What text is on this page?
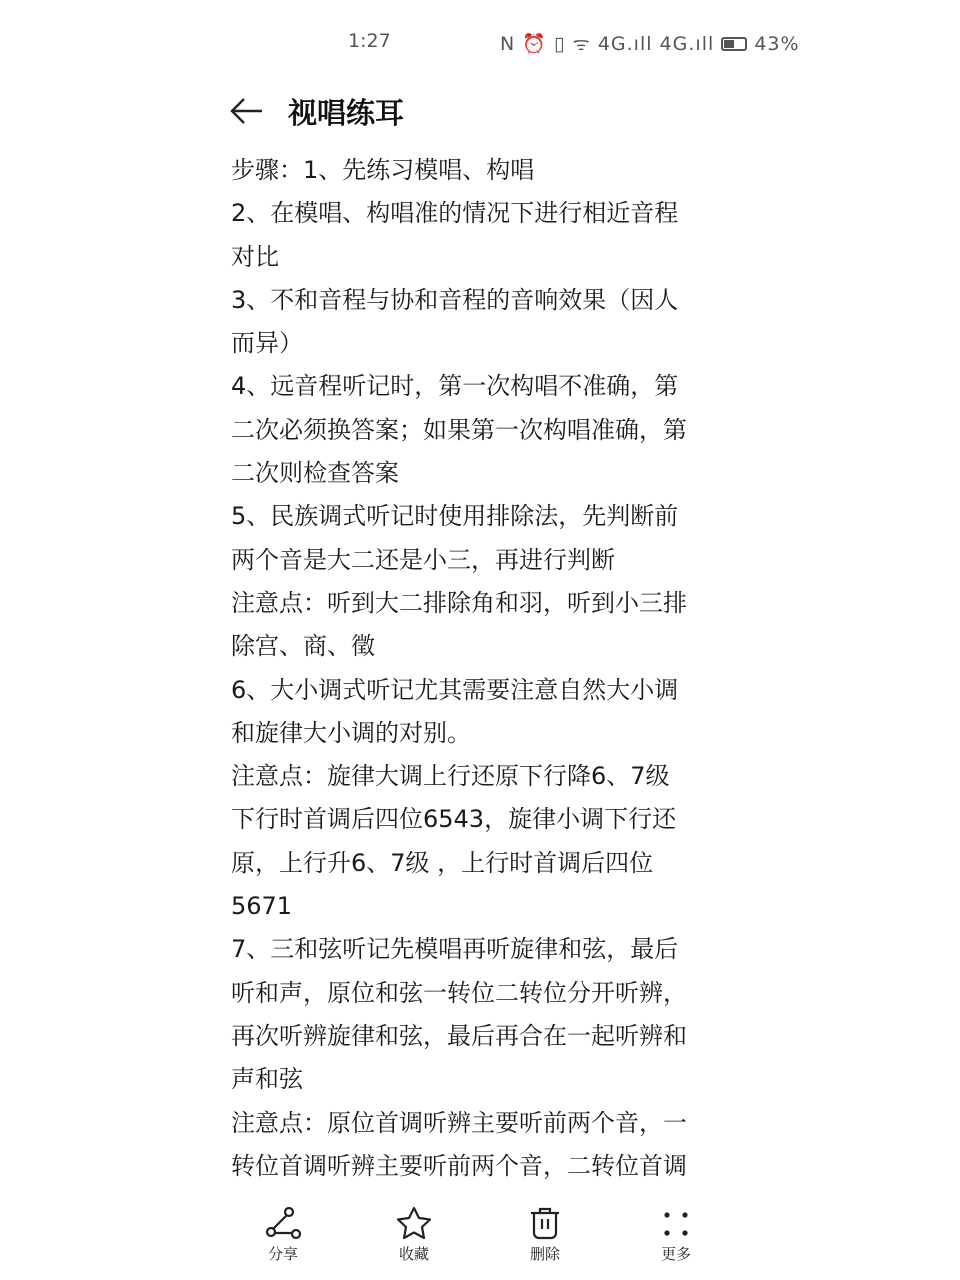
1:27	N ⏰ ▯ ᯤ 4G.ıll 4G.ıll 43%
视唱练耳
步骤：1、先练习模唱、构唱
2、在模唱、构唱准的情况下进行相近音程
对比
3、不和音程与协和音程的音响效果（因人
而异）
4、远音程听记时，第一次构唱不准确，第
二次必须换答案；如果第一次构唱准确，第
二次则检查答案
5、民族调式听记时使用排除法，先判断前
两个音是大二还是小三，再进行判断
注意点：听到大二排除角和羽，听到小三排
除宫、商、徵
6、大小调式听记尤其需要注意自然大小调
和旋律大小调的对别。
注意点：旋律大调上行还原下行降6、7级
下行时首调后四位6543，旋律小调下行还
原，上行升6、7级 ，上行时首调后四位
5671
7、三和弦听记先模唱再听旋律和弦，最后
听和声，原位和弦一转位二转位分开听辨，
再次听辨旋律和弦，最后再合在一起听辨和
声和弦
注意点：原位首调听辨主要听前两个音，一
转位首调听辨主要听前两个音，二转位首调
分享	收藏	删除	更多
